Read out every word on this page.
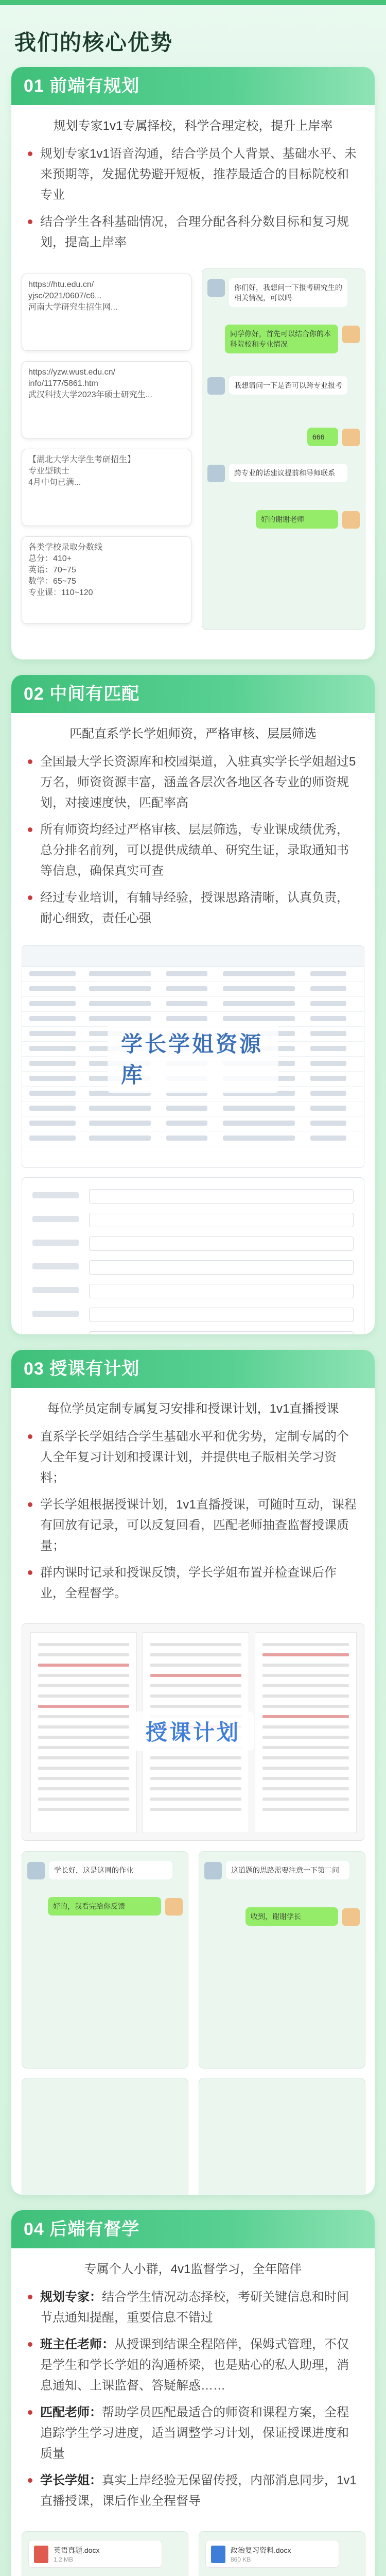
我们的核心优势
01 前端有规划
规划专家1v1专属择校，科学合理定校，提升上岸率
规划专家1v1语音沟通，结合学员个人背景、基础水平、未来预期等，发掘优势避开短板，推荐最适合的目标院校和专业
结合学生各科基础情况，合理分配各科分数目标和复习规划，提高上岸率
https://htu.edu.cn/
yjsc/2021/0607/c6...
河南大学研究生招生网...
https://yzw.wust.edu.cn/
info/1177/5861.htm
武汉科技大学2023年硕士研究生...
【湖北大学大学生考研招生】
专业型硕士
4月中旬已满...
各类学校录取分数线
总分：410+
英语：70~75
数学：65~75
专业课：110~120
你们好，我想问一下报考研究生的相关情况，可以吗
同学你好，首先可以结合你的本科院校和专业情况
我想请问一下是否可以跨专业报考
666
跨专业的话建议提前和导师联系
好的谢谢老师
02 中间有匹配
匹配直系学长学姐师资，严格审核、层层筛选
全国最大学长资源库和校园渠道，入驻真实学长学姐超过5万名，师资资源丰富，涵盖各层次各地区各专业的师资规划，对接速度快，匹配率高
所有师资均经过严格审核、层层筛选，专业课成绩优秀，总分排名前列，可以提供成绩单、研究生证，录取通知书等信息，确保真实可查
经过专业培训，有辅导经验，授课思路清晰，认真负责，耐心细致，责任心强
学长学姐资源库
03 授课有计划
每位学员定制专属复习安排和授课计划，1v1直播授课
直系学长学姐结合学生基础水平和优劣势，定制专属的个人全年复习计划和授课计划，并提供电子版相关学习资料；
学长学姐根据授课计划，1v1直播授课，可随时互动，课程有回放有记录，可以反复回看，匹配老师抽查监督授课质量；
群内课时记录和授课反馈，学长学姐布置并检查课后作业，全程督学。
授课计划
学长好，这是这周的作业
好的，我看完给你反馈
这道题的思路需要注意一下第二问
收到，谢谢学长
04 后端有督学
专属个人小群，4v1监督学习，全年陪伴
规划专家：结合学生情况动态择校，考研关键信息和时间节点通知提醒，重要信息不错过
班主任老师：从授课到结课全程陪伴，保姆式管理，不仅是学生和学长学姐的沟通桥梁，也是贴心的私人助理，消息通知、上课监督、答疑解惑……
匹配老师：帮助学员匹配最适合的师资和课程方案，全程追踪学生学习进度，适当调整学习计划，保证授课进度和质量
学长学姐：真实上岸经验无保留传授，内部消息同步，1v1直播授课，课后作业全程督导
英语真题.docx
1.2 MB
政治复习资料.docx
860 KB
